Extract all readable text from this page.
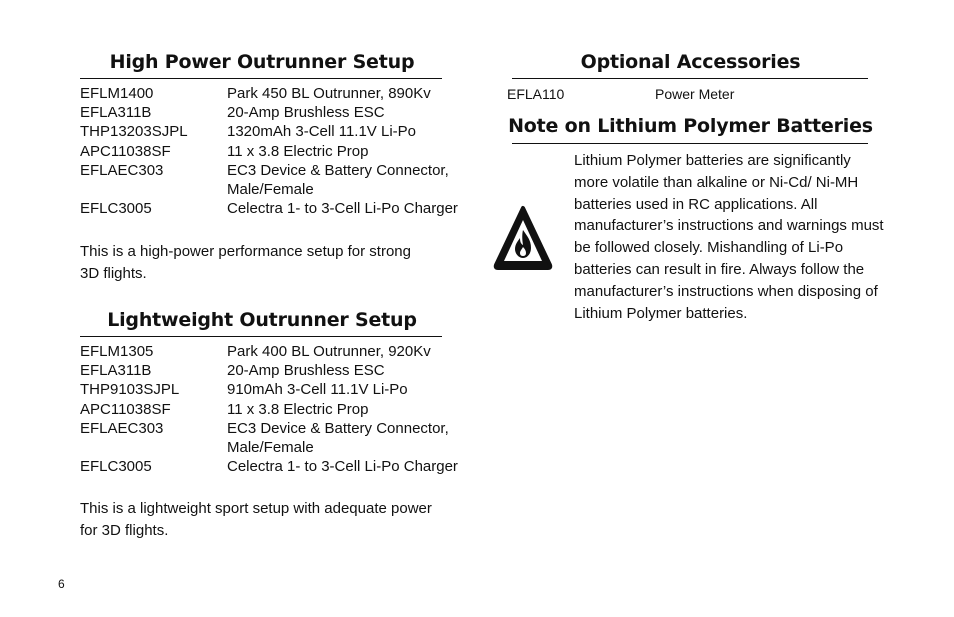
High Power Outrunner Setup
EFLM1400	Park 450 BL Outrunner, 890Kv
EFLA311B	20-Amp Brushless ESC
THP13203SJPL	1320mAh 3-Cell 11.1V Li-Po
APC11038SF	11 x 3.8 Electric Prop
EFLAEC303	EC3 Device & Battery Connector, Male/Female
EFLC3005	Celectra 1- to 3-Cell Li-Po Charger
This is a high-power performance setup for strong 3D flights.
Lightweight Outrunner Setup
EFLM1305	Park 400 BL Outrunner, 920Kv
EFLA311B	20-Amp Brushless ESC
THP9103SJPL	910mAh 3-Cell 11.1V Li-Po
APC11038SF	11 x 3.8 Electric Prop
EFLAEC303	EC3 Device & Battery Connector, Male/Female
EFLC3005	Celectra 1- to 3-Cell Li-Po Charger
This is a lightweight sport setup with adequate power for 3D flights.
Optional Accessories
EFLA110	Power Meter
Note on Lithium Polymer Batteries
Lithium Polymer batteries are significantly more volatile than alkaline or Ni-Cd/ Ni-MH batteries used in RC applications. All manufacturer’s instructions and warnings must be followed closely. Mishandling of Li-Po batteries can result in fire. Always follow the manufacturer’s instructions when disposing of Lithium Polymer batteries.
6
